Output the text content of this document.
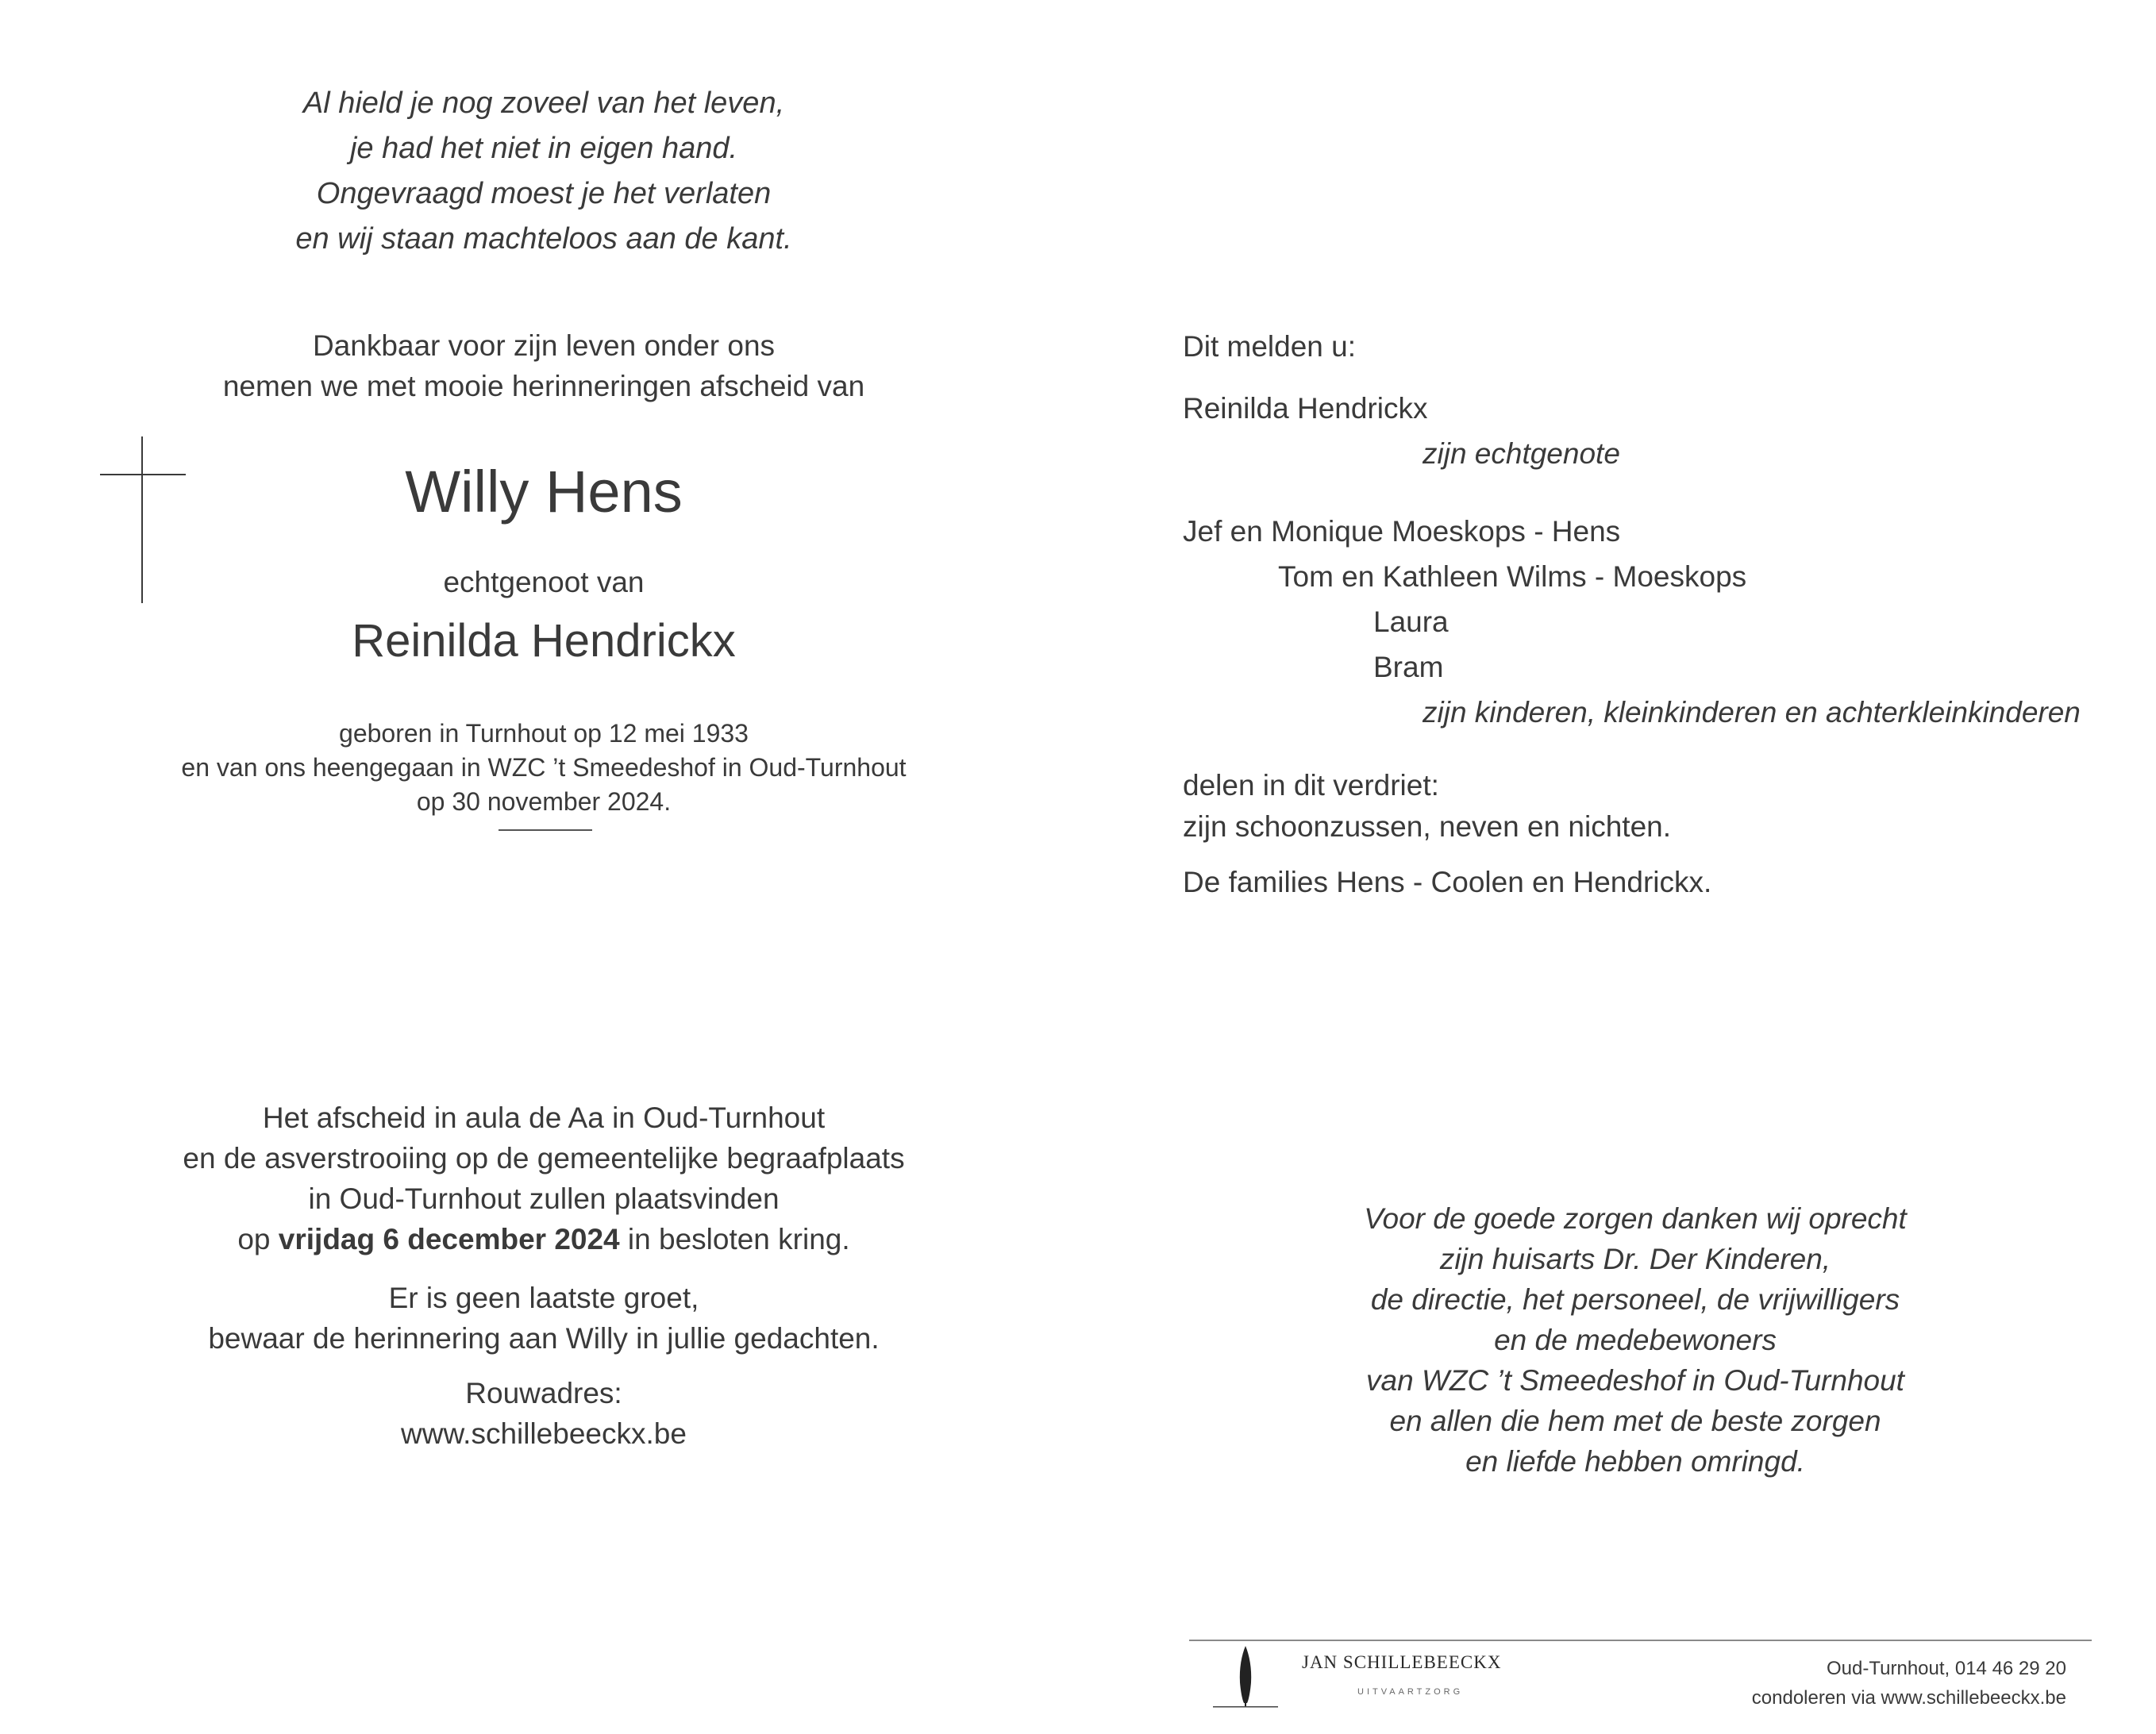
Al hield je nog zoveel van het leven,
je had het niet in eigen hand.
Ongevraagd moest je het verlaten
en wij staan machteloos aan de kant.
Dankbaar voor zijn leven onder ons
nemen we met mooie herinneringen afscheid van
Willy Hens
echtgenoot van
Reinilda Hendrickx
geboren in Turnhout op 12 mei 1933
en van ons heengegaan in WZC ’t Smeedeshof in Oud-Turnhout
op 30 november 2024.
Het afscheid in aula de Aa in Oud-Turnhout
en de asverstrooiing op de gemeentelijke begraafplaats
in Oud-Turnhout zullen plaatsvinden
op vrijdag 6 december 2024 in besloten kring.
Er is geen laatste groet,
bewaar de herinnering aan Willy in jullie gedachten.
Rouwadres:
www.schillebeeckx.be
Dit melden u:
Reinilda Hendrickx
zijn echtgenote
Jef en Monique Moeskops - Hens
Tom en Kathleen Wilms - Moeskops
Laura
Bram
zijn kinderen, kleinkinderen en achterkleinkinderen
delen in dit verdriet:
zijn schoonzussen, neven en nichten.
De families Hens - Coolen en Hendrickx.
Voor de goede zorgen danken wij oprecht
zijn huisarts Dr. Der Kinderen,
de directie, het personeel, de vrijwilligers
en de medebewoners
van WZC ’t Smeedeshof in Oud-Turnhout
en allen die hem met de beste zorgen
en liefde hebben omringd.
JAN SCHILLEBEECKX
UITVAARTZORG
Oud-Turnhout, 014 46 29 20
condoleren via www.schillebeeckx.be
